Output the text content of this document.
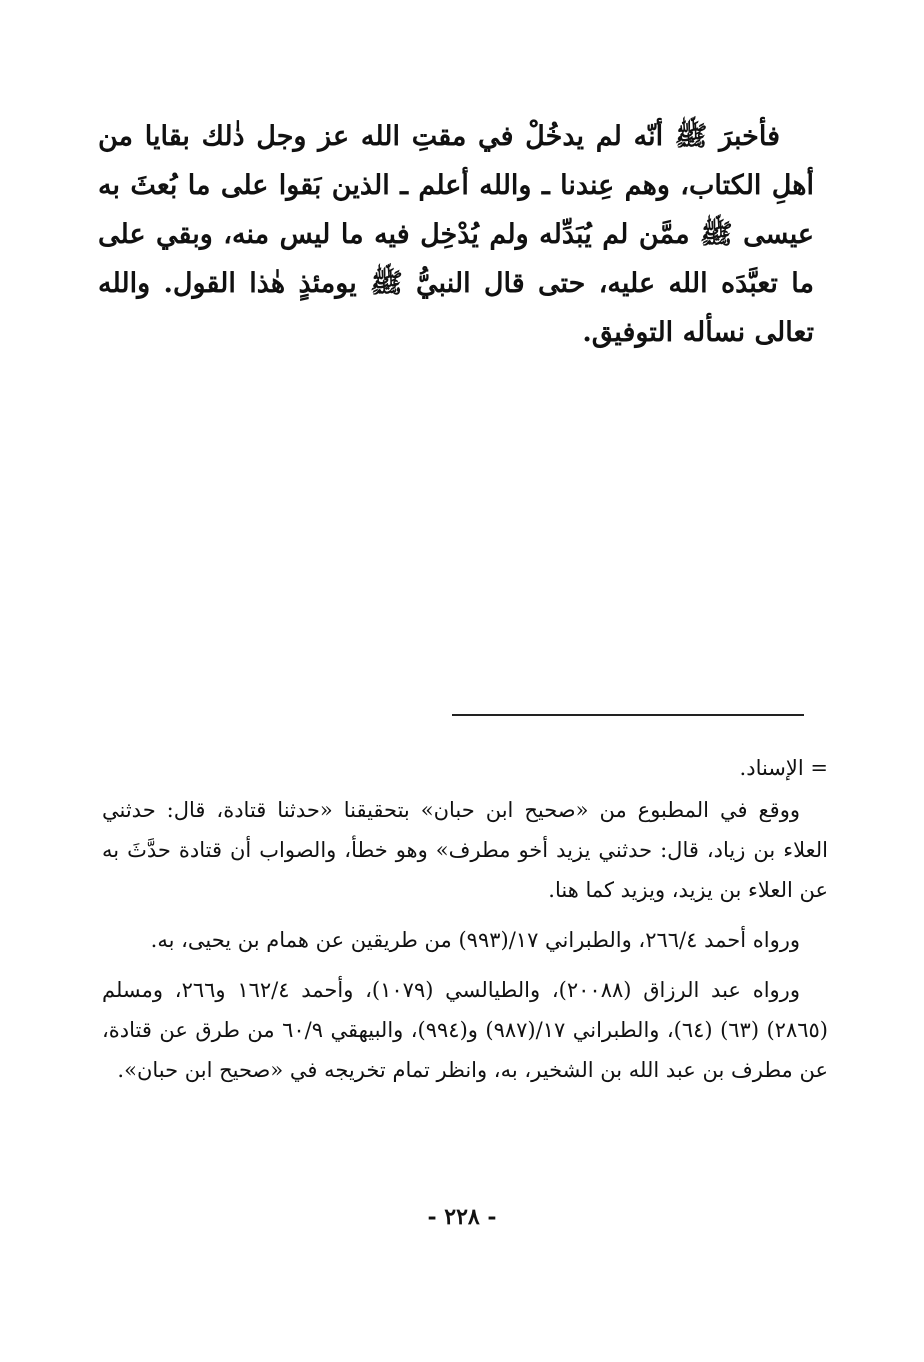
فأخبرَ ﷺ أنّه لم يدخُلْ في مقتِ الله عز وجل ذٰلك بقايا من أهلِ الكتاب، وهم عِندنا ـ والله أعلم ـ الذين بَقوا على ما بُعثَ به عيسى ﷺ ممَّن لم يُبَدِّله ولم يُدْخِل فيه ما ليس منه، وبقي على ما تعبَّدَه الله عليه، حتى قال النبيُّ ﷺ يومئذٍ هٰذا القول. والله تعالى نسأله التوفيق.

= الإسناد.

ووقع في المطبوع من «صحيح ابن حبان» بتحقيقنا «حدثنا قتادة، قال: حدثني العلاء بن زياد، قال: حدثني يزيد أخو مطرف» وهو خطأ، والصواب أن قتادة حدَّثَ به عن العلاء بن يزيد، ويزيد كما هنا.

ورواه أحمد ٢٦٦/٤، والطبراني ١٧/(٩٩٣) من طريقين عن همام بن يحيى، به.

ورواه عبد الرزاق (٢٠٠٨٨)، والطيالسي (١٠٧٩)، وأحمد ١٦٢/٤ و٢٦٦، ومسلم (٢٨٦٥) (٦٣) (٦٤)، والطبراني ١٧/(٩٨٧) و(٩٩٤)، والبيهقي ٦٠/٩ من طرق عن قتادة، عن مطرف بن عبد الله بن الشخير، به، وانظر تمام تخريجه في «صحيح ابن حبان».

- ٢٢٨ -
